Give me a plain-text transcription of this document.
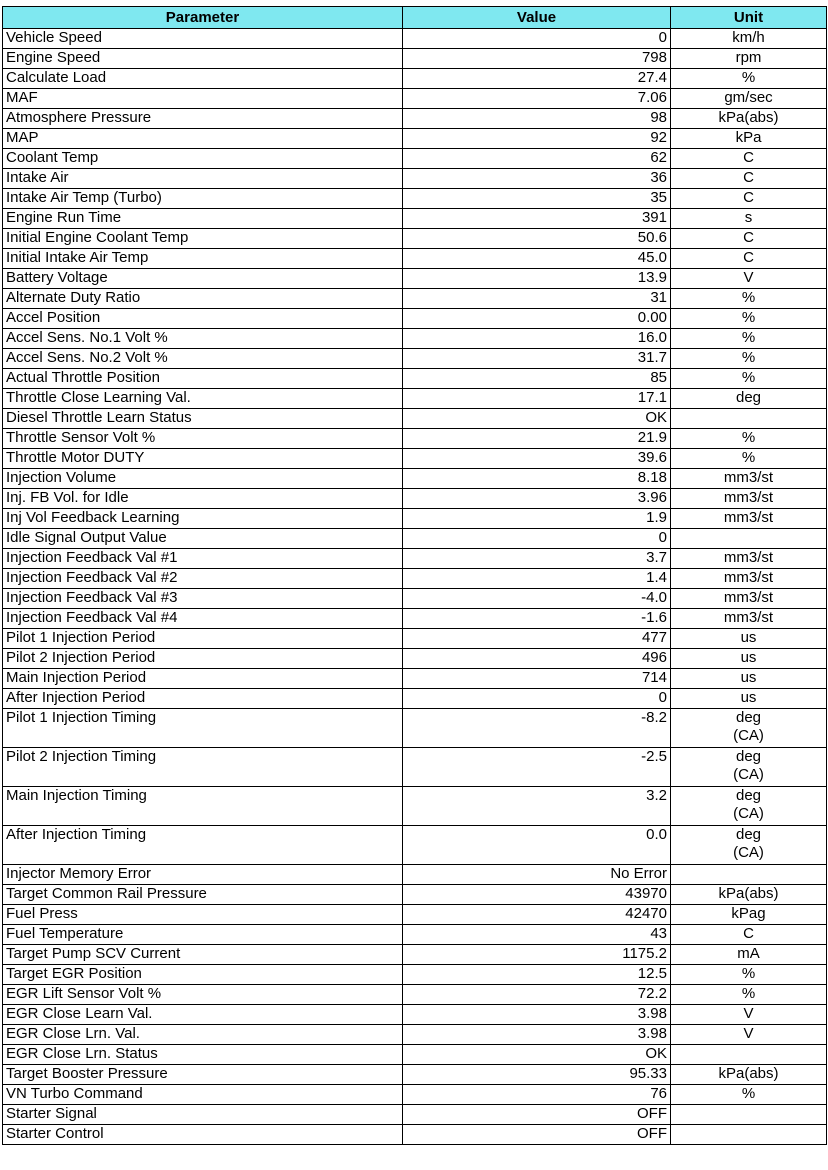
Parameter	Value	Unit
Vehicle Speed	0	km/h
Engine Speed	798	rpm
Calculate Load	27.4	%
MAF	7.06	gm/sec
Atmosphere Pressure	98	kPa(abs)
MAP	92	kPa
Coolant Temp	62	C
Intake Air	36	C
Intake Air Temp (Turbo)	35	C
Engine Run Time	391	s
Initial Engine Coolant Temp	50.6	C
Initial Intake Air Temp	45.0	C
Battery Voltage	13.9	V
Alternate Duty Ratio	31	%
Accel Position	0.00	%
Accel Sens. No.1 Volt %	16.0	%
Accel Sens. No.2 Volt %	31.7	%
Actual Throttle Position	85	%
Throttle Close Learning Val.	17.1	deg
Diesel Throttle Learn Status	OK	
Throttle Sensor Volt %	21.9	%
Throttle Motor DUTY	39.6	%
Injection Volume	8.18	mm3/st
Inj. FB Vol. for Idle	3.96	mm3/st
Inj Vol Feedback Learning	1.9	mm3/st
Idle Signal Output Value	0	
Injection Feedback Val #1	3.7	mm3/st
Injection Feedback Val #2	1.4	mm3/st
Injection Feedback Val #3	-4.0	mm3/st
Injection Feedback Val #4	-1.6	mm3/st
Pilot 1 Injection Period	477	us
Pilot 2 Injection Period	496	us
Main Injection Period	714	us
After Injection Period	0	us
Pilot 1 Injection Timing	-8.2	deg
(CA)
Pilot 2 Injection Timing	-2.5	deg
(CA)
Main Injection Timing	3.2	deg
(CA)
After Injection Timing	0.0	deg
(CA)
Injector Memory Error	No Error	
Target Common Rail Pressure	43970	kPa(abs)
Fuel Press	42470	kPag
Fuel Temperature	43	C
Target Pump SCV Current	1175.2	mA
Target EGR Position	12.5	%
EGR Lift Sensor Volt %	72.2	%
EGR Close Learn Val.	3.98	V
EGR Close Lrn. Val.	3.98	V
EGR Close Lrn. Status	OK	
Target Booster Pressure	95.33	kPa(abs)
VN Turbo Command	76	%
Starter Signal	OFF	
Starter Control	OFF	
